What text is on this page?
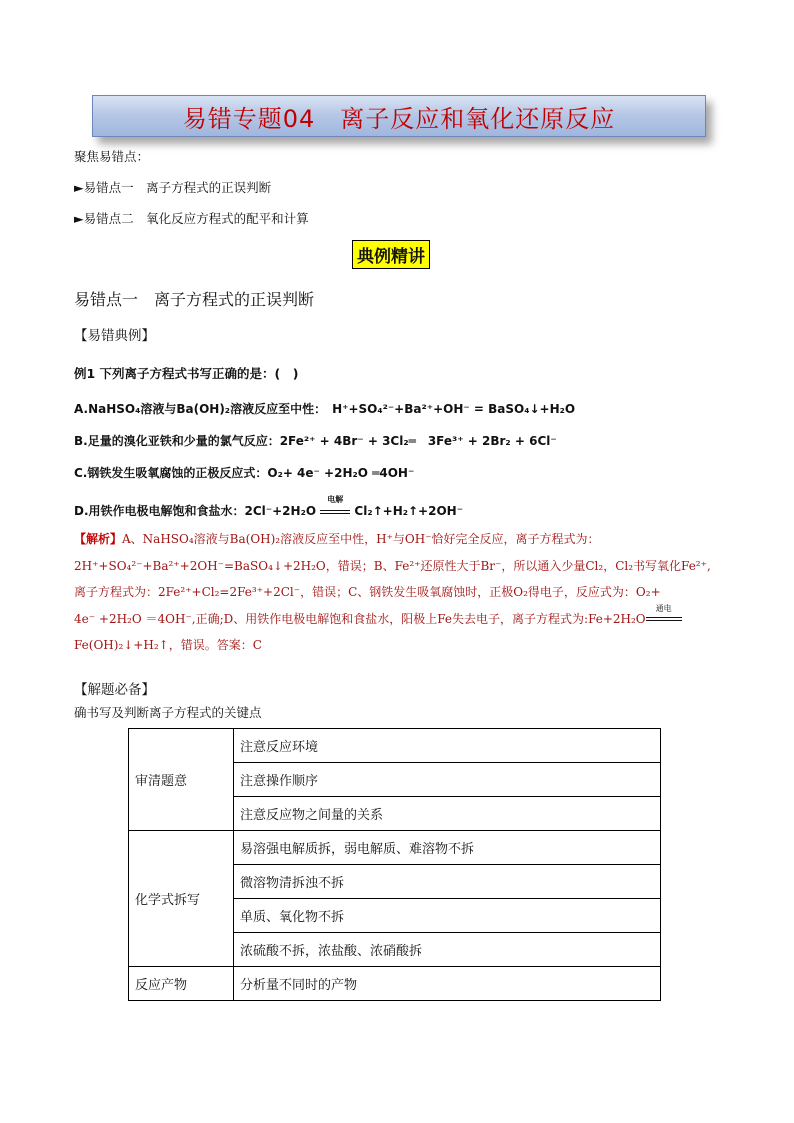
易错专题04　离子反应和氧化还原反应
聚焦易错点：
►易错点一　离子方程式的正误判断
►易错点二　氧化反应方程式的配平和计算
典例精讲
易错点一　离子方程式的正误判断
【易错典例】
例1 下列离子方程式书写正确的是：(　)
A.NaHSO₄溶液与Ba(OH)₂溶液反应至中性：　H⁺+SO₄²⁻+Ba²⁺+OH⁻ = BaSO₄↓+H₂O
B.足量的溴化亚铁和少量的氯气反应：2Fe²⁺ + 4Br⁻ + 3Cl₂═　3Fe³⁺ + 2Br₂ + 6Cl⁻
C.钢铁发生吸氧腐蚀的正极反应式：O₂+ 4e⁻ +2H₂O ═4OH⁻
D.用铁作电极电解饱和食盐水：2Cl⁻+2H₂O
电解
Cl₂↑+H₂↑+2OH⁻
【解析】A、NaHSO₄溶液与Ba(OH)₂溶液反应至中性，H⁺与OH⁻恰好完全反应，离子方程式为：
2H⁺+SO₄²⁻+Ba²⁺+2OH⁻=BaSO₄↓+2H₂O，错误；B、Fe²⁺还原性大于Br⁻，所以通入少量Cl₂，Cl₂书写氧化Fe²⁺,
离子方程式为：2Fe²⁺+Cl₂=2Fe³⁺+2Cl⁻，错误；C、钢铁发生吸氧腐蚀时，正极O₂得电子，反应式为：O₂+
4e⁻ +2H₂O ＝4OH⁻,正确;D、用铁作电极电解饱和食盐水，阳极上Fe失去电子，离子方程式为:Fe+2H₂O
通电
Fe(OH)₂↓+H₂↑，错误。答案：C
【解题必备】
确书写及判断离子方程式的关键点
审清题意	注意反应环境
	注意操作顺序
	注意反应物之间量的关系
化学式拆写	易溶强电解质拆，弱电解质、难溶物不拆
	微溶物清拆浊不拆
	单质、氧化物不拆
	浓硫酸不拆，浓盐酸、浓硝酸拆
反应产物	分析量不同时的产物
